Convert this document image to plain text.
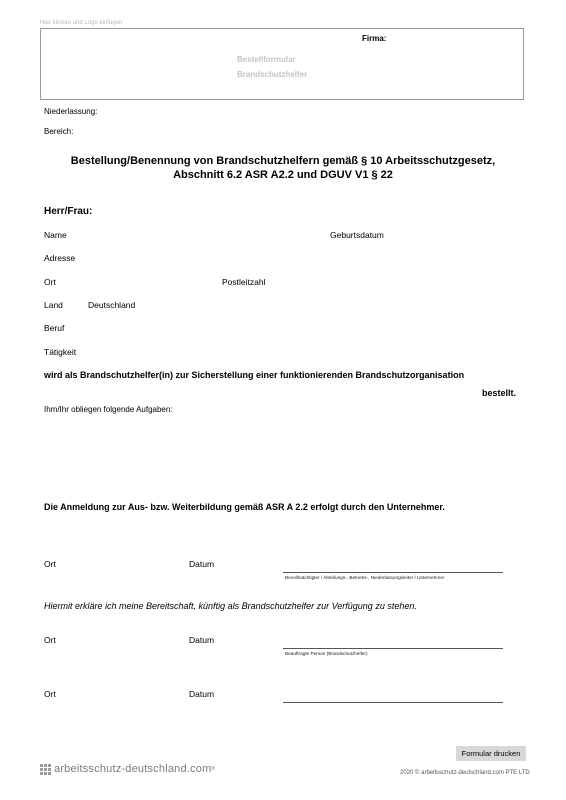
Hier klicken und Logo einfügen
Firma:
Bestellformular
Brandschutzhelfer
Niederlassung:
Bereich:
Bestellung/Benennung von Brandschutzhelfern gemäß § 10 Arbeitsschutzgesetz,
Abschnitt 6.2 ASR A2.2 und DGUV V1 § 22
Herr/Frau:
Name	Geburtsdatum
Adresse
Ort	Postleitzahl
Land	Deutschland
Beruf
Tätigkeit
wird als Brandschutzhelfer(in) zur Sicherstellung einer funktionierenden Brandschutzorganisation
bestellt.
Ihm/Ihr obliegen folgende Aufgaben:
Die Anmeldung zur Aus- bzw. Weiterbildung gemäß ASR A 2.2 erfolgt durch den Unternehmer.
Ort	Datum
Bevollmächtigter / Abteilungs-, Betriebs-, Niederlassungsleiter / Unternehmer
Hiermit erkläre ich meine Bereitschaft, künftig als Brandschutzhelfer zur Verfügung zu stehen.
Ort	Datum
Beauftragte Person (Brandschutzhelfer)
Ort	Datum
Formular drucken
arbeitsschutz-deutschland.com ®
2020 © arbeitsschutz-deutschland.com PTE LTD
